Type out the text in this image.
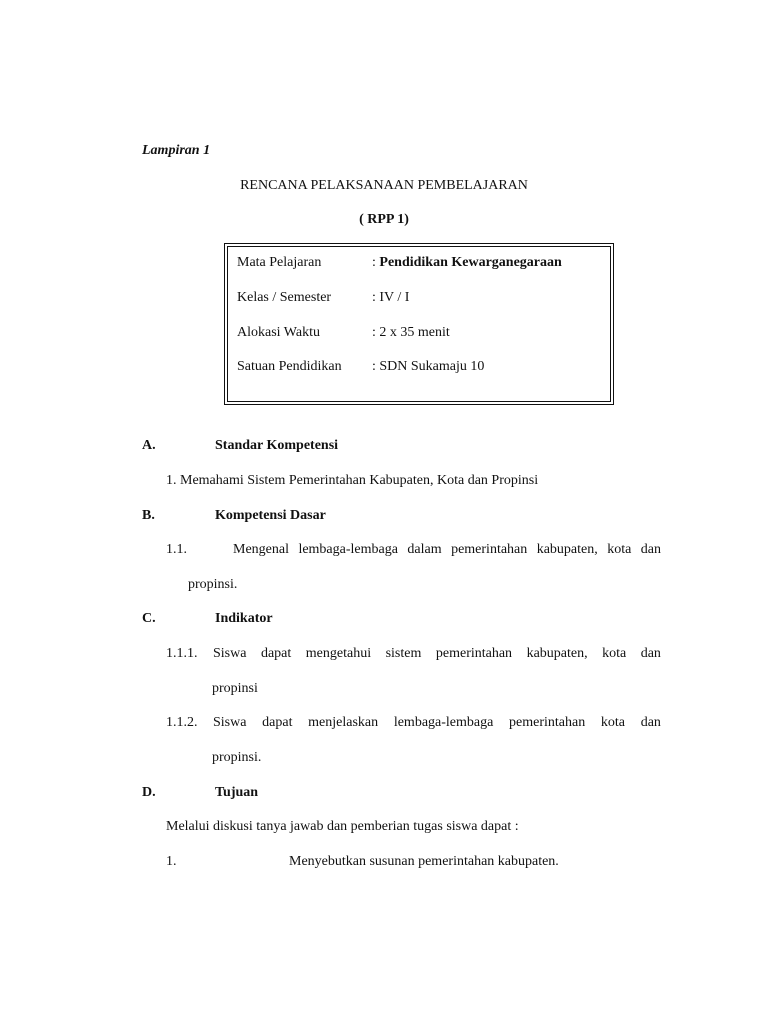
Lampiran 1
RENCANA PELAKSANAAN PEMBELAJARAN
( RPP 1)
Mata Pelajaran	: Pendidikan Kewarganegaraan
Kelas / Semester	: IV / I
Alokasi Waktu	: 2 x 35 menit
Satuan Pendidikan : SDN Sukamaju 10
A.	Standar Kompetensi
1. Memahami Sistem Pemerintahan Kabupaten, Kota dan Propinsi
B.	Kompetensi Dasar
1.1.	Mengenal lembaga-lembaga dalam pemerintahan kabupaten, kota dan
propinsi.
C.	Indikator
1.1.1. Siswa dapat mengetahui sistem pemerintahan kabupaten, kota dan
propinsi
1.1.2. Siswa dapat menjelaskan lembaga-lembaga pemerintahan kota dan
propinsi.
D.	Tujuan
Melalui diskusi tanya jawab dan pemberian tugas siswa dapat :
1.	Menyebutkan susunan pemerintahan kabupaten.
